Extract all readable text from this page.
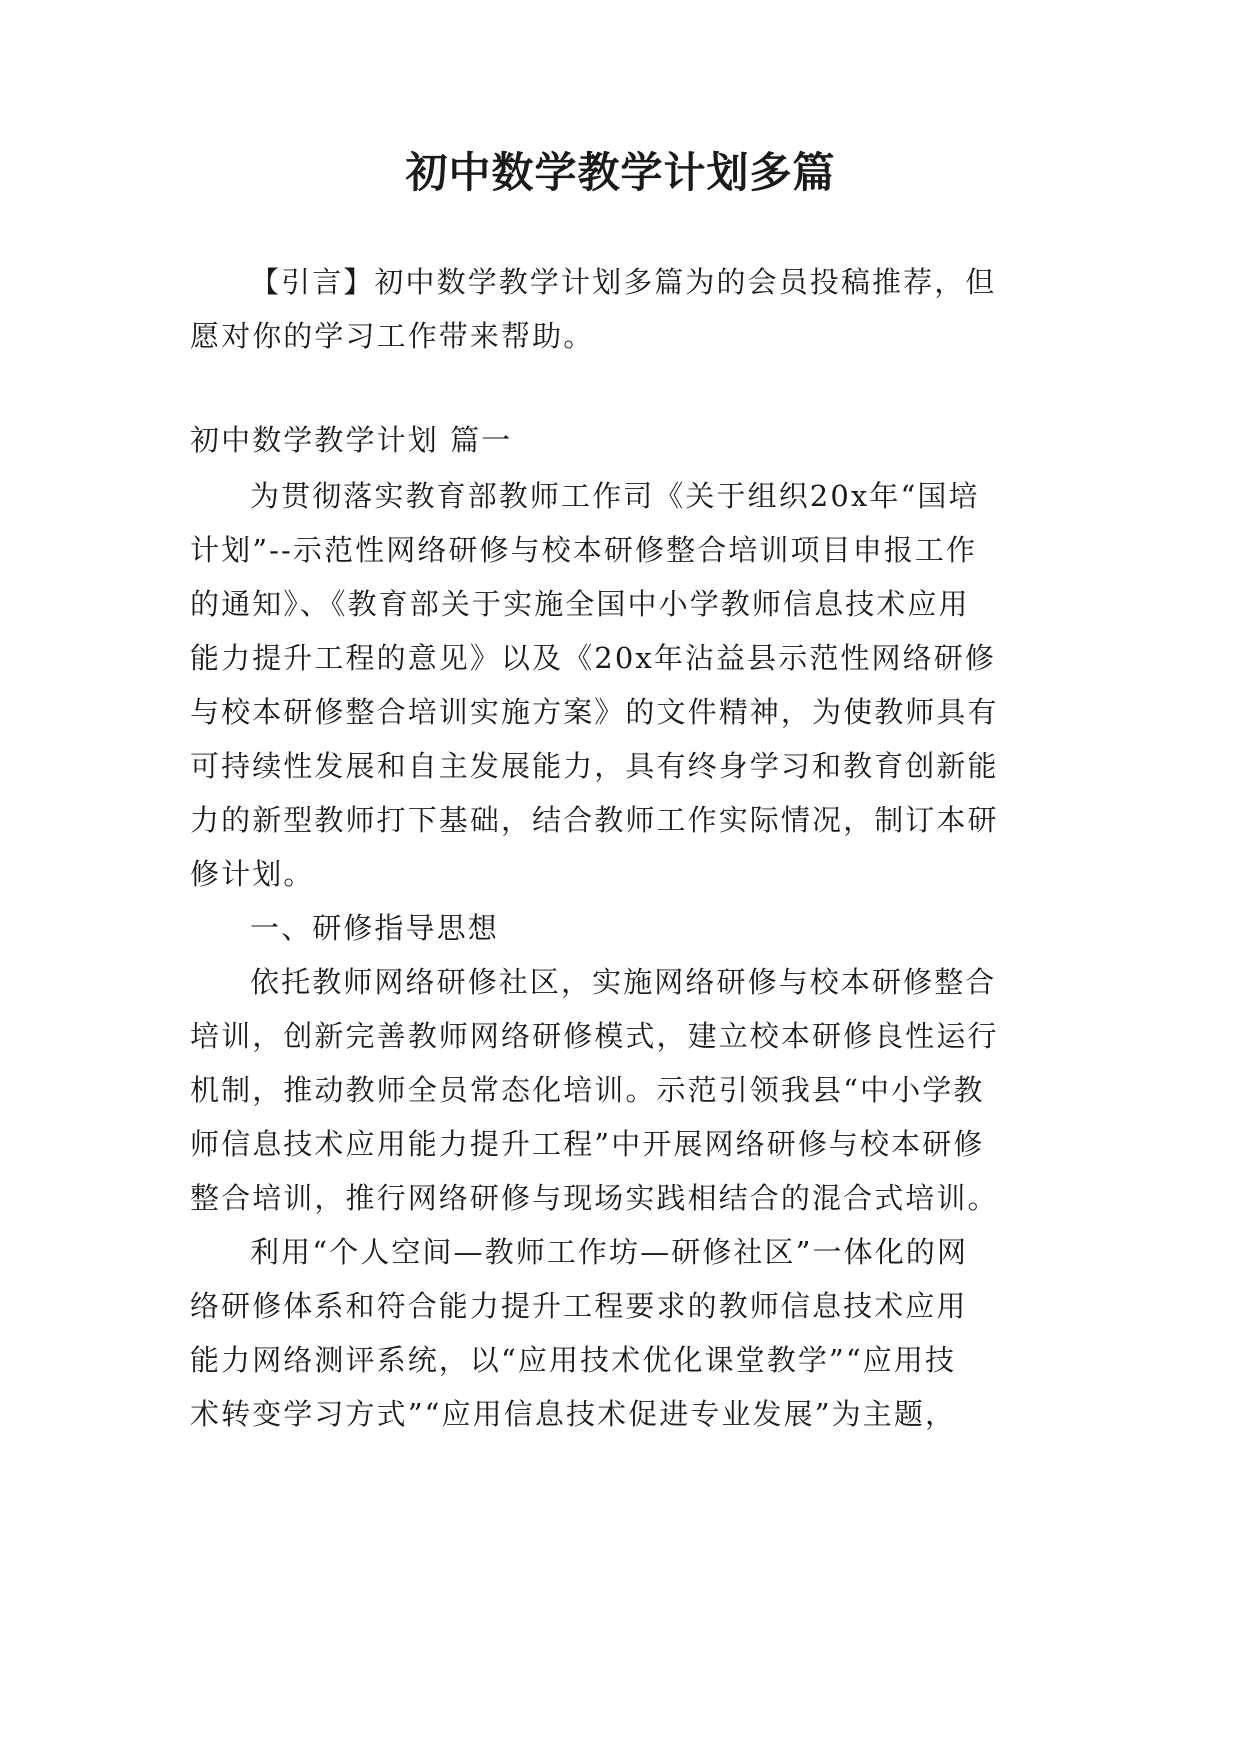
初中数学教学计划多篇
【引言】初中数学教学计划多篇为的会员投稿推荐，但
愿对你的学习工作带来帮助。
初中数学教学计划 篇一
为贯彻落实教育部教师工作司《关于组织20x年“国培
计划”--示范性网络研修与校本研修整合培训项目申报工作
的通知》、《教育部关于实施全国中小学教师信息技术应用
能力提升工程的意见》以及《20x年沾益县示范性网络研修
与校本研修整合培训实施方案》的文件精神，为使教师具有
可持续性发展和自主发展能力，具有终身学习和教育创新能
力的新型教师打下基础，结合教师工作实际情况，制订本研
修计划。
一、研修指导思想
依托教师网络研修社区，实施网络研修与校本研修整合
培训，创新完善教师网络研修模式，建立校本研修良性运行
机制，推动教师全员常态化培训。示范引领我县“中小学教
师信息技术应用能力提升工程”中开展网络研修与校本研修
整合培训，推行网络研修与现场实践相结合的混合式培训。
利用“个人空间—教师工作坊—研修社区”一体化的网
络研修体系和符合能力提升工程要求的教师信息技术应用
能力网络测评系统，以“应用技术优化课堂教学”“应用技
术转变学习方式”“应用信息技术促进专业发展”为主题，
